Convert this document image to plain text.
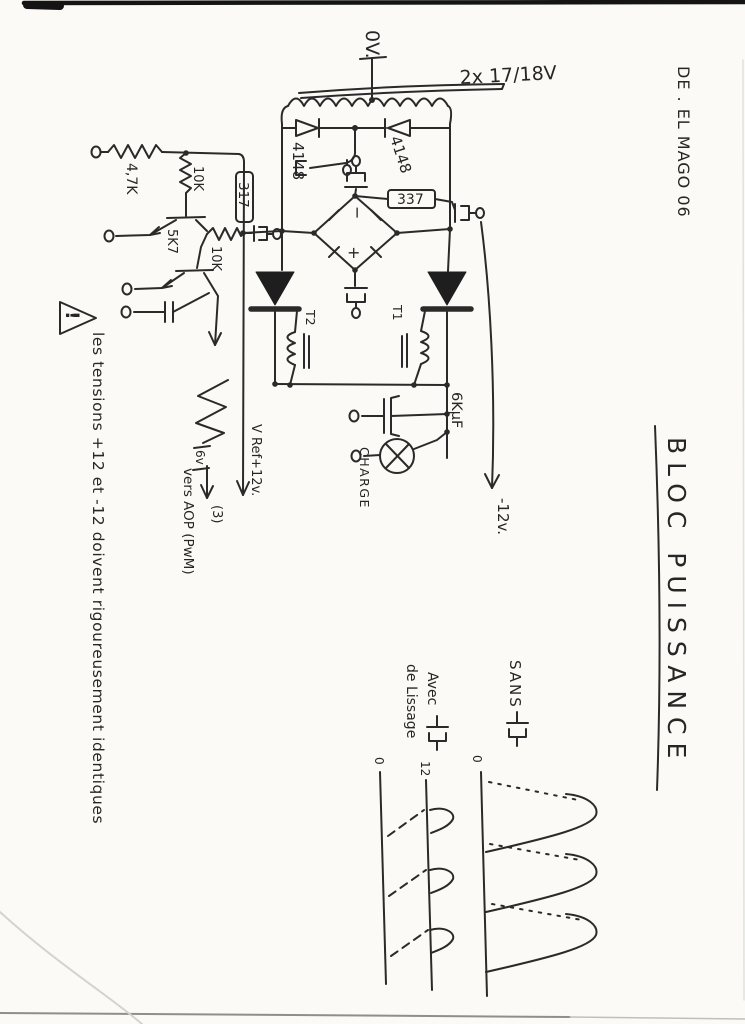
0V.
2x 17/18V	DE . EL MAGO 06
BLOC PUISSANCE
4148	4148
−
+
317	337
4,7K	10K
5K7
10K
6v
(3)
vers AOP (PwM)
V Ref+12v.
T2	T1
6KµF
CHARGE
-12v.
!
les tensions +12 et -12 doivent rigoureusement identiques	Avec
de Lissage	SANS
0
12
0
